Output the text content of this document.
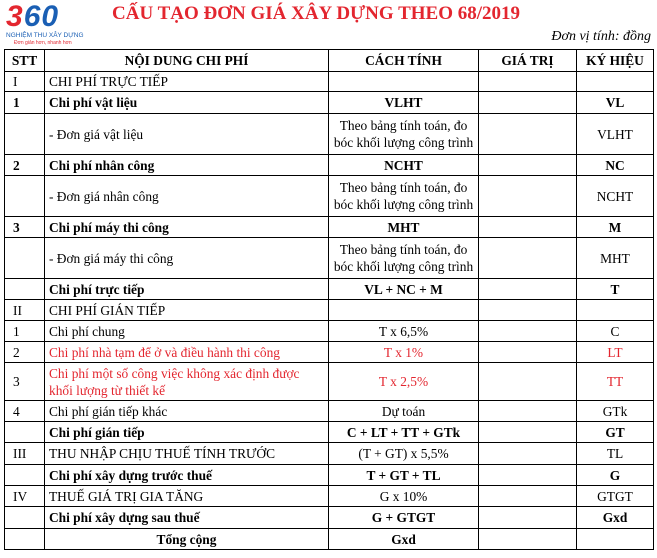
360
NGHIỆM THU XÂY DỰNG
Đơn giản hơn, nhanh hơn
CẤU TẠO ĐƠN GIÁ XÂY DỰNG THEO 68/2019
Đơn vị tính: đồng
STT	NỘI DUNG CHI PHÍ	CÁCH TÍNH	GIÁ TRỊ	KÝ HIỆU
I	CHI PHÍ TRỰC TIẾP			
1	Chi phí vật liệu	VLHT		VL
	- Đơn giá vật liệu	Theo bảng tính toán, đo bóc khối lượng công trình		VLHT
2	Chi phí nhân công	NCHT		NC
	- Đơn giá nhân công	Theo bảng tính toán, đo bóc khối lượng công trình		NCHT
3	Chi phí máy thi công	MHT		M
	- Đơn giá máy thi công	Theo bảng tính toán, đo bóc khối lượng công trình		MHT
	Chi phí trực tiếp	VL + NC + M		T
II	CHI PHÍ GIÁN TIẾP			
1	Chi phí chung	T x 6,5%		C
2	Chi phí nhà tạm để ở và điều hành thi công	T x 1%		LT
3	Chi phí một số công việc không xác định được khối lượng từ thiết kế	T x 2,5%		TT
4	Chi phí gián tiếp khác	Dự toán		GTk
	Chi phí gián tiếp	C + LT + TT + GTk		GT
III	THU NHẬP CHỊU THUẾ TÍNH TRƯỚC	(T + GT) x 5,5%		TL
	Chi phí xây dựng trước thuế	T + GT + TL		G
IV	THUẾ GIÁ TRỊ GIA TĂNG	G x 10%		GTGT
	Chi phí xây dựng sau thuế	G + GTGT		Gxd
	Tổng cộng	Gxd		
